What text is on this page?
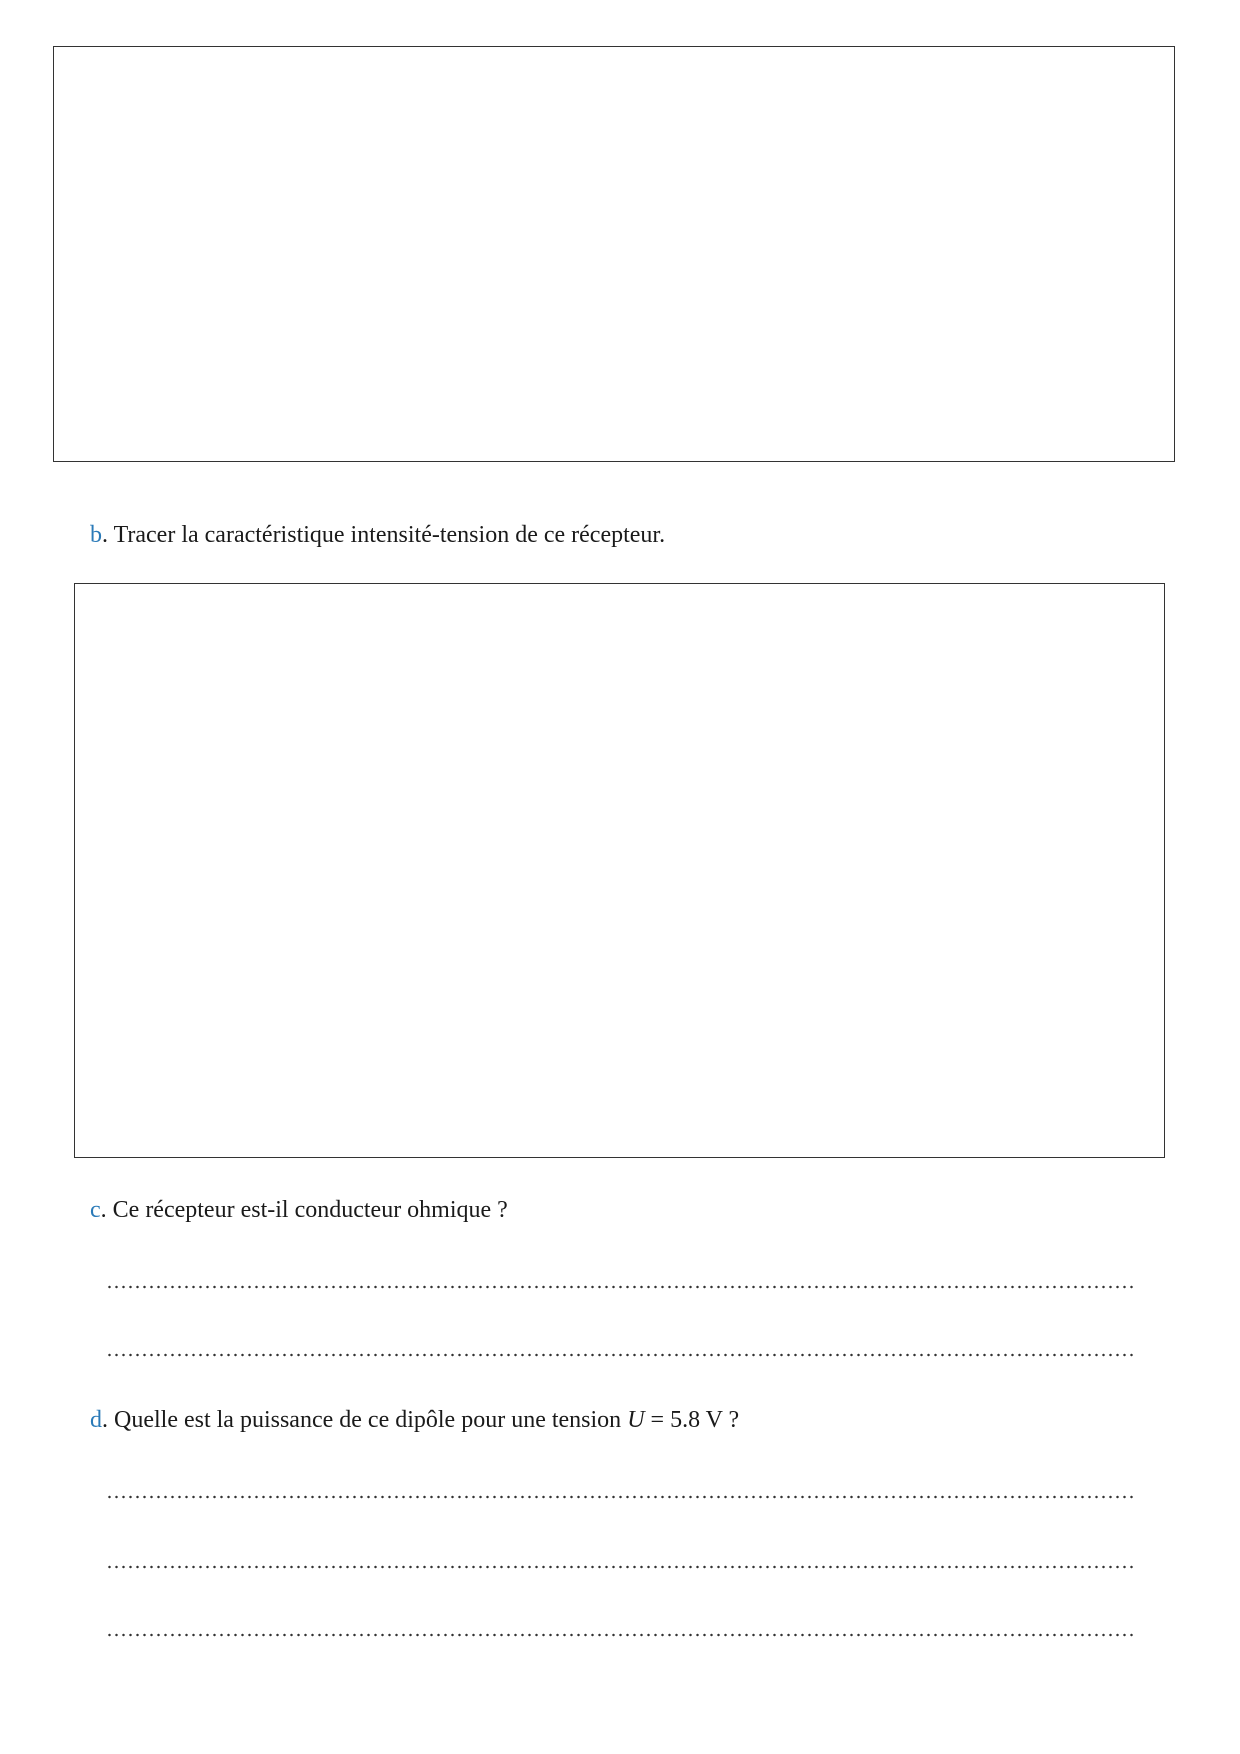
b. Tracer la caractéristique intensité-tension de ce récepteur.
c. Ce récepteur est-il conducteur ohmique ?
d. Quelle est la puissance de ce dipôle pour une tension U = 5.8 V ?
